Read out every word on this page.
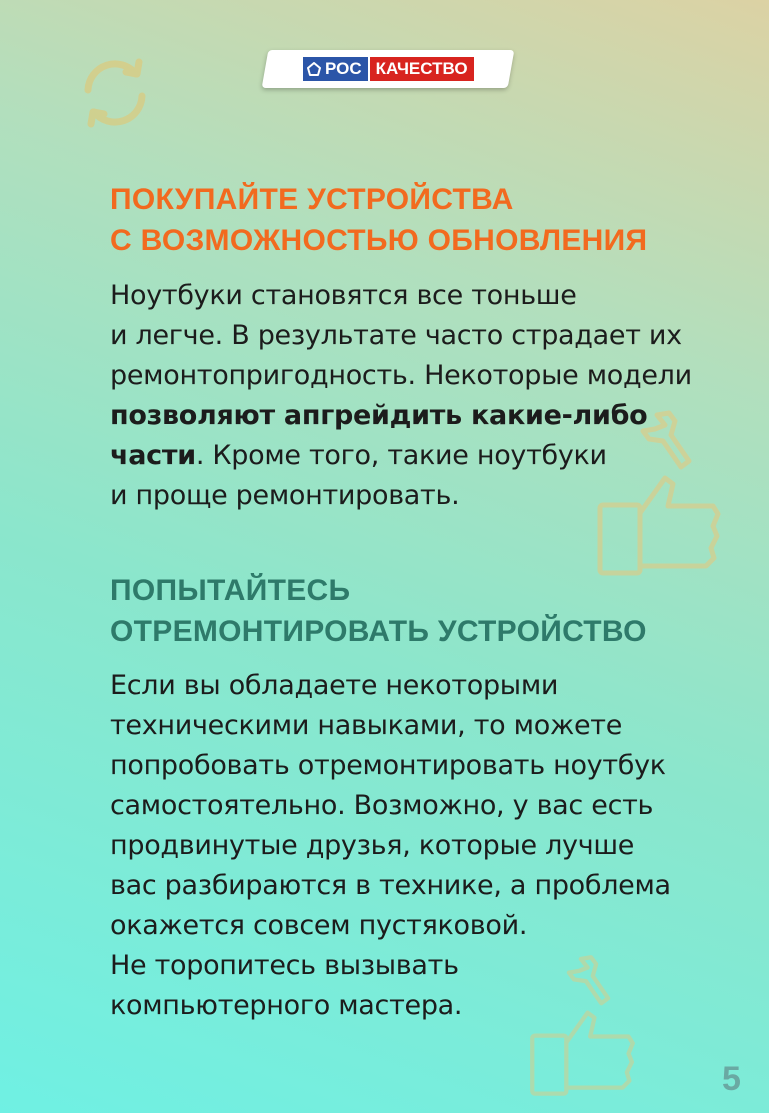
РОС КАЧЕСТВО
ПОКУПАЙТЕ УСТРОЙСТВА
С ВОЗМОЖНОСТЬЮ ОБНОВЛЕНИЯ

Ноутбуки становятся все тоньше
и легче. В результате часто страдает их
ремонтопригодность. Некоторые модели
позволяют апгрейдить какие-либо
части. Кроме того, такие ноутбуки
и проще ремонтировать.

ПОПЫТАЙТЕСЬ
ОТРЕМОНТИРОВАТЬ УСТРОЙСТВО

Если вы обладаете некоторыми
техническими навыками, то можете
попробовать отремонтировать ноутбук
самостоятельно. Возможно, у вас есть
продвинутые друзья, которые лучше
вас разбираются в технике, а проблема
окажется совсем пустяковой.
Не торопитесь вызывать
компьютерного мастера.

5
